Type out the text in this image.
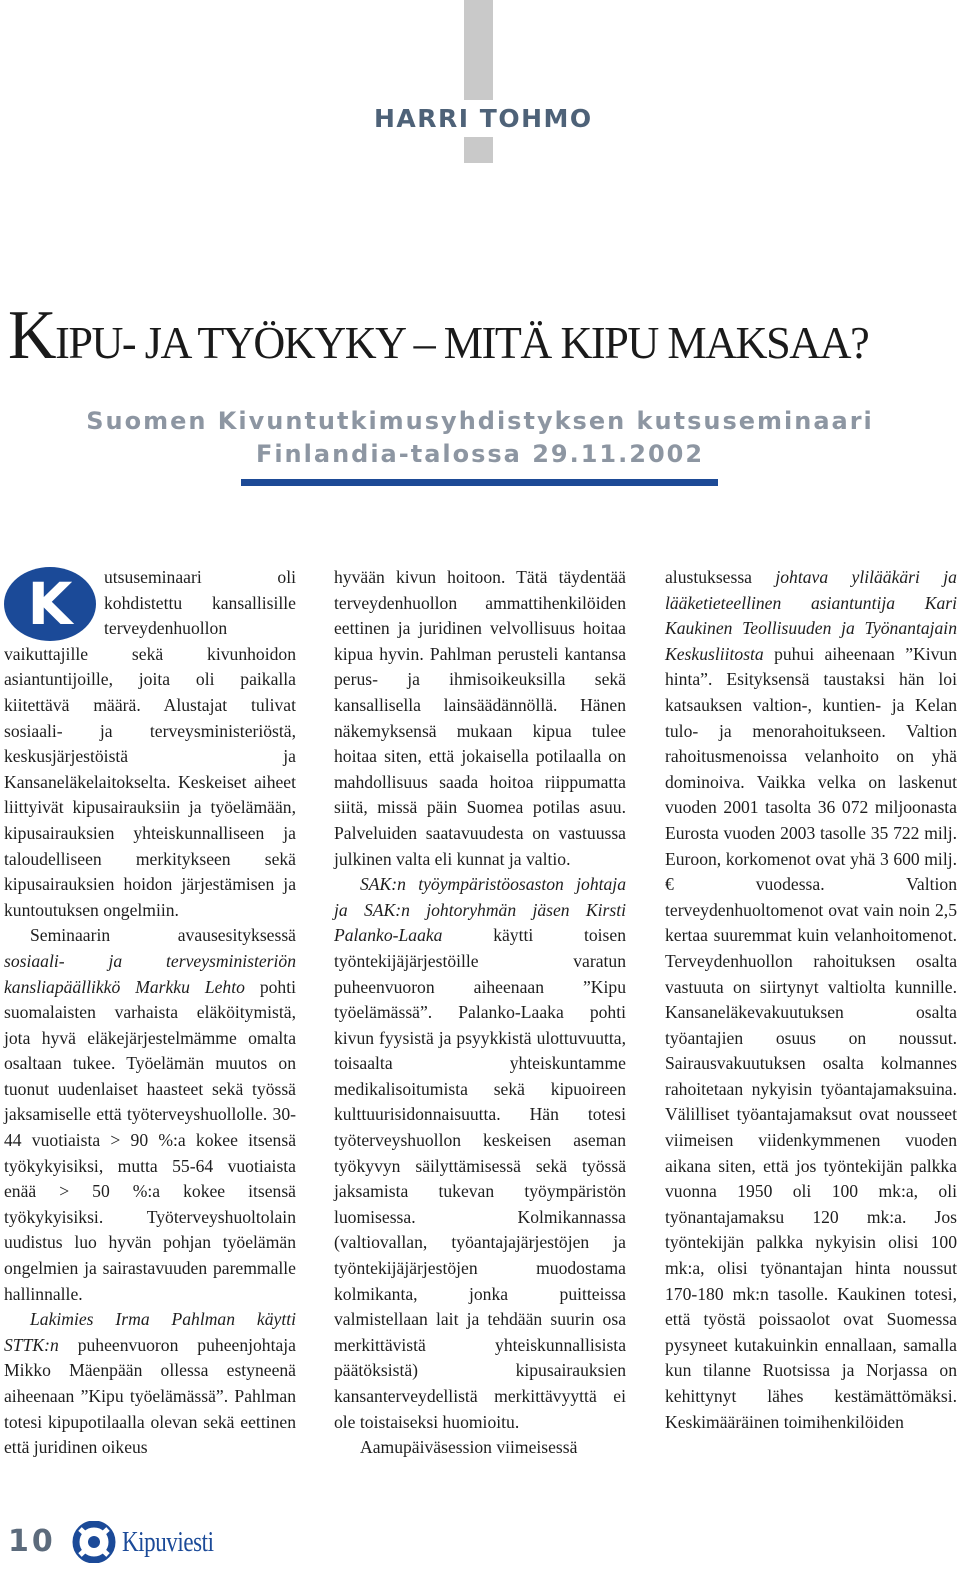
HARRI TOHMO
KIPU- JA TYÖKYKY – MITÄ KIPU MAKSAA?
Suomen Kivuntutkimusyhdistyksen kutsuseminaari
Finlandia-talossa 29.11.2002

K	utsuseminaari oli kohdistettu kansallisille terveydenhuollon vaikuttajille sekä kivunhoidon asiantuntijoille, joita oli paikalla kiitettävä määrä. Alustajat tulivat sosiaali- ja terveysministeriöstä, keskusjärjestöistä ja Kansaneläkelaitokselta. Keskeiset aiheet liittyivät kipusairauksiin ja työelämään, kipusairauksien yhteiskunnalliseen ja taloudelliseen merkitykseen sekä kipusairauksien hoidon järjestämisen ja kuntoutuksen ongelmiin.

Seminaarin avausesityksessä sosiaali- ja terveysministeriön kansliapäällikkö Markku Lehto pohti suomalaisten varhaista eläköitymistä, jota hyvä eläkejärjestelmämme omalta osaltaan tukee. Työelämän muutos on tuonut uudenlaiset haasteet sekä työssä jaksamiselle että työterveyshuollolle. 30-44 vuotiaista > 90 %:a kokee itsensä työkykyisiksi, mutta 55-64 vuotiaista enää > 50 %:a kokee itsensä työkykyisiksi. Työterveyshuoltolain uudistus luo hyvän pohjan työelämän ongelmien ja sairastavuuden paremmalle hallinnalle.

Lakimies Irma Pahlman käytti STTK:n puheenvuoron puheenjohtaja Mikko Mäenpään ollessa estyneenä aiheenaan ”Kipu työelämässä”. Pahlman totesi kipupotilaalla olevan sekä eettinen että juridinen oikeus

hyvään kivun hoitoon. Tätä täydentää terveydenhuollon ammattihenkilöiden eettinen ja juridinen velvollisuus hoitaa kipua hyvin. Pahlman perusteli kantansa perus- ja ihmisoikeuksilla sekä kansallisella lainsäädännöllä. Hänen näkemyksensä mukaan kipua tulee hoitaa siten, että jokaisella potilaalla on mahdollisuus saada hoitoa riippumatta siitä, missä päin Suomea potilas asuu. Palveluiden saatavuudesta on vastuussa julkinen valta eli kunnat ja valtio.

SAK:n työympäristöosaston johtaja ja SAK:n johtoryhmän jäsen Kirsti Palanko-Laaka käytti toisen työntekijäjärjestöille varatun puheenvuoron aiheenaan ”Kipu työelämässä”. Palanko-Laaka pohti kivun fyysistä ja psyykkistä ulottuvuutta, toisaalta yhteiskuntamme medikalisoitumista sekä kipuoireen kulttuurisidonnaisuutta. Hän totesi työterveyshuollon keskeisen aseman työkyvyn säilyttämisessä sekä työssä jaksamista tukevan työympäristön luomisessa. Kolmikannassa (valtiovallan, työantajajärjestöjen ja työntekijäjärjestöjen muodostama kolmikanta, jonka puitteissa valmistellaan lait ja tehdään suurin osa merkittävistä yhteiskunnallisista päätöksistä) kipusairauksien kansanterveydellistä merkittävyyttä ei ole toistaiseksi huomioitu.

Aamupäiväsession viimeisessä

alustuksessa johtava ylilääkäri ja lääketieteellinen asiantuntija Kari Kaukinen Teollisuuden ja Työnantajain Keskusliitosta puhui aiheenaan ”Kivun hinta”. Esityksensä taustaksi hän loi katsauksen valtion-, kuntien- ja Kelan tulo- ja menorahoitukseen. Valtion rahoitusmenoissa velanhoito on yhä dominoiva. Vaikka velka on laskenut vuoden 2001 tasolta 36 072 miljoonasta Eurosta vuoden 2003 tasolle 35 722 milj. Euroon, korkomenot ovat yhä 3 600 milj. € vuodessa. Valtion terveydenhuoltomenot ovat vain noin 2,5 kertaa suuremmat kuin velanhoitomenot. Terveydenhuollon rahoituksen osalta vastuuta on siirtynyt valtiolta kunnille. Kansaneläkevakuutuksen osalta työantajien osuus on noussut. Sairausvakuutuksen osalta kolmannes rahoitetaan nykyisin työantajamaksuina. Välilliset työantajamaksut ovat nousseet viimeisen viidenkymmenen vuoden aikana siten, että jos työntekijän palkka vuonna 1950 oli 100 mk:a, oli työnantajamaksu 120 mk:a. Jos työntekijän palkka nykyisin olisi 100 mk:a, olisi työnantajan hinta noussut 170-180 mk:n tasolle. Kaukinen totesi, että työstä poissaolot ovat Suomessa pysyneet kutakuinkin ennallaan, samalla kun tilanne Ruotsissa ja Norjassa on kehittynyt lähes kestämättömäksi. Keskimääräinen toimihenkilöiden

10 Kipuviesti
